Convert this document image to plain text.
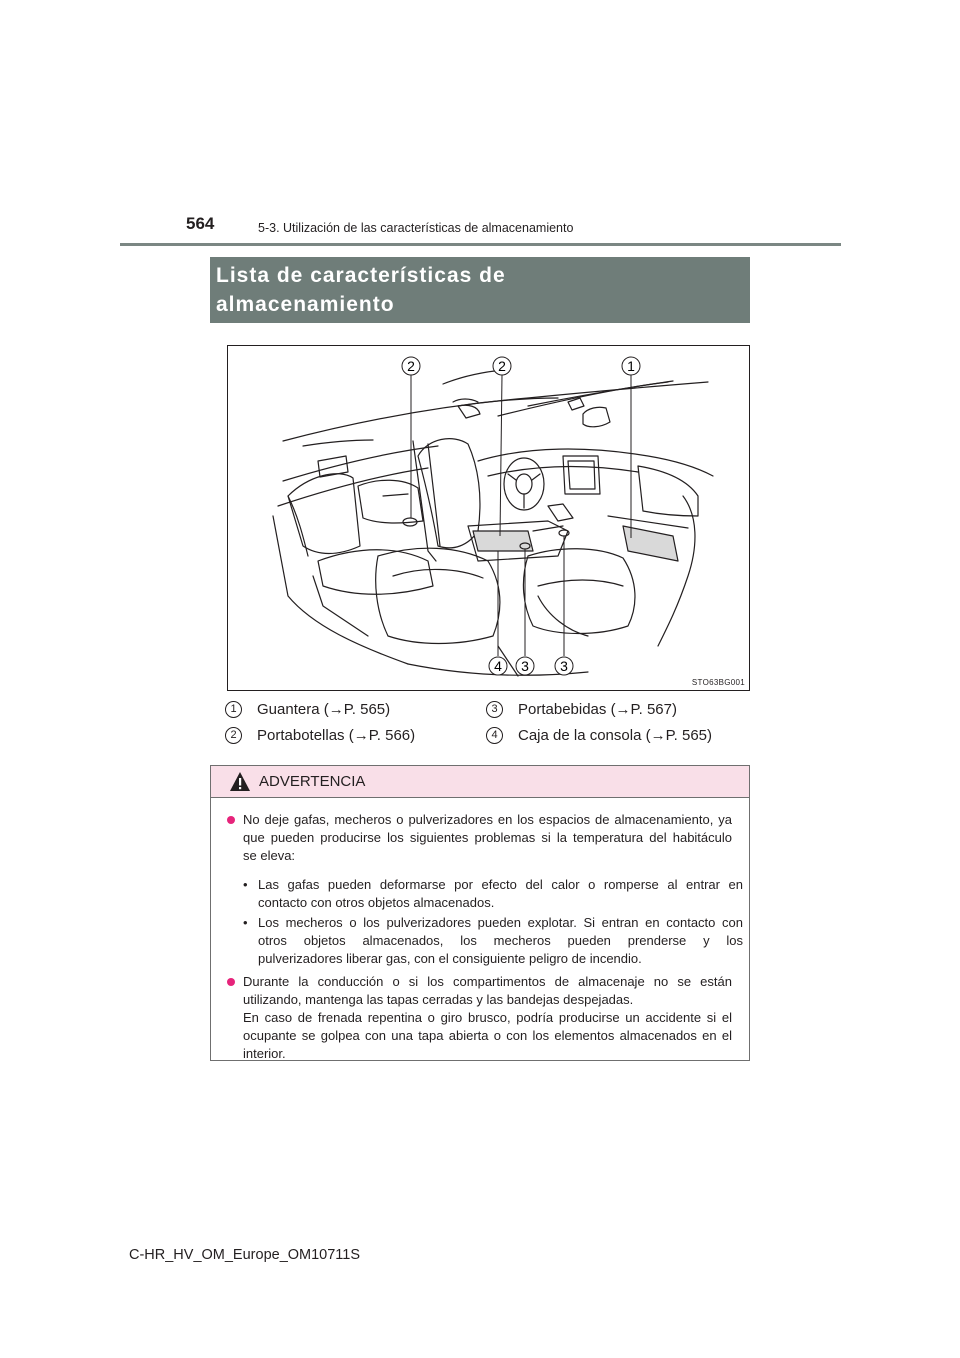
564	5-3. Utilización de las características de almacenamiento
Lista de características de
almacenamiento
2	2	1
4 3 3
STO63BG001
1	Guantera (→P. 565)
2	Portabotellas (→P. 566)
3	Portabebidas (→P. 567)
4	Caja de la consola (→P. 565)
ADVERTENCIA
No deje gafas, mecheros o pulverizadores en los espacios de almacenamiento, ya
que pueden producirse los siguientes problemas si la temperatura del habitáculo
se eleva:
• Las gafas pueden deformarse por efecto del calor o romperse al entrar en
contacto con otros objetos almacenados.
• Los mecheros o los pulverizadores pueden explotar. Si entran en contacto con
otros objetos almacenados, los mecheros pueden prenderse y los
pulverizadores liberar gas, con el consiguiente peligro de incendio.
Durante la conducción o si los compartimentos de almacenaje no se están
utilizando, mantenga las tapas cerradas y las bandejas despejadas.
En caso de frenada repentina o giro brusco, podría producirse un accidente si el
ocupante se golpea con una tapa abierta o con los elementos almacenados en el
interior.
C-HR_HV_OM_Europe_OM10711S
